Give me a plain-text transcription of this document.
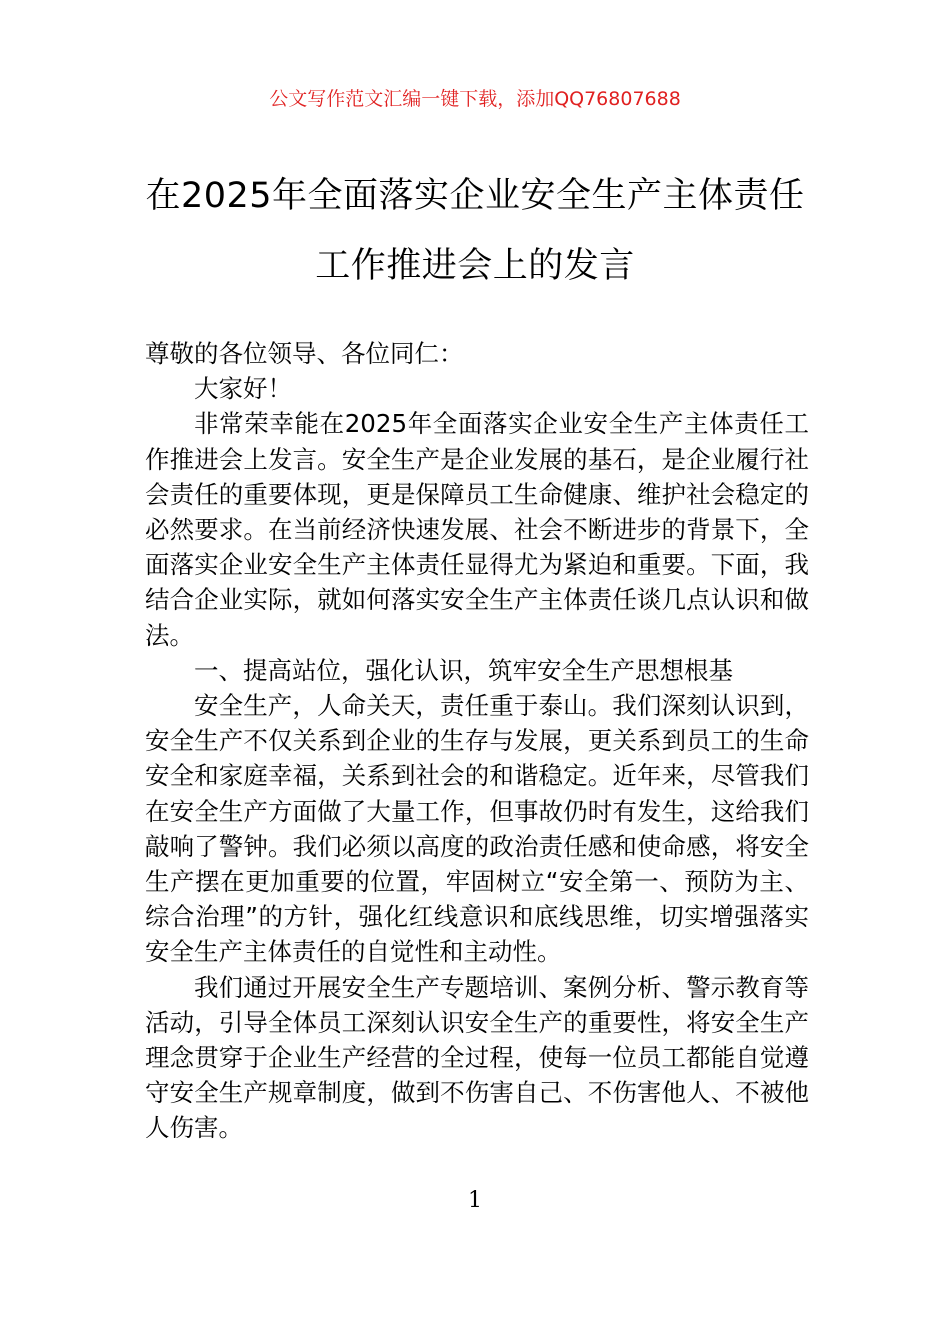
公文写作范文汇编一键下载，添加QQ76807688
在2025年全面落实企业安全生产主体责任
工作推进会上的发言

尊敬的各位领导、各位同仁：

大家好！

非常荣幸能在2025年全面落实企业安全生产主体责任工作推进会上发言。安全生产是企业发展的基石，是企业履行社会责任的重要体现，更是保障员工生命健康、维护社会稳定的必然要求。在当前经济快速发展、社会不断进步的背景下，全面落实企业安全生产主体责任显得尤为紧迫和重要。下面，我结合企业实际，就如何落实安全生产主体责任谈几点认识和做法。

一、提高站位，强化认识，筑牢安全生产思想根基

安全生产，人命关天，责任重于泰山。我们深刻认识到，安全生产不仅关系到企业的生存与发展，更关系到员工的生命安全和家庭幸福，关系到社会的和谐稳定。近年来，尽管我们在安全生产方面做了大量工作，但事故仍时有发生，这给我们敲响了警钟。我们必须以高度的政治责任感和使命感，将安全生产摆在更加重要的位置，牢固树立“安全第一、预防为主、综合治理”的方针，强化红线意识和底线思维，切实增强落实安全生产主体责任的自觉性和主动性。

我们通过开展安全生产专题培训、案例分析、警示教育等活动，引导全体员工深刻认识安全生产的重要性，将安全生产理念贯穿于企业生产经营的全过程，使每一位员工都能自觉遵守安全生产规章制度，做到不伤害自己、不伤害他人、不被他人伤害。

1
